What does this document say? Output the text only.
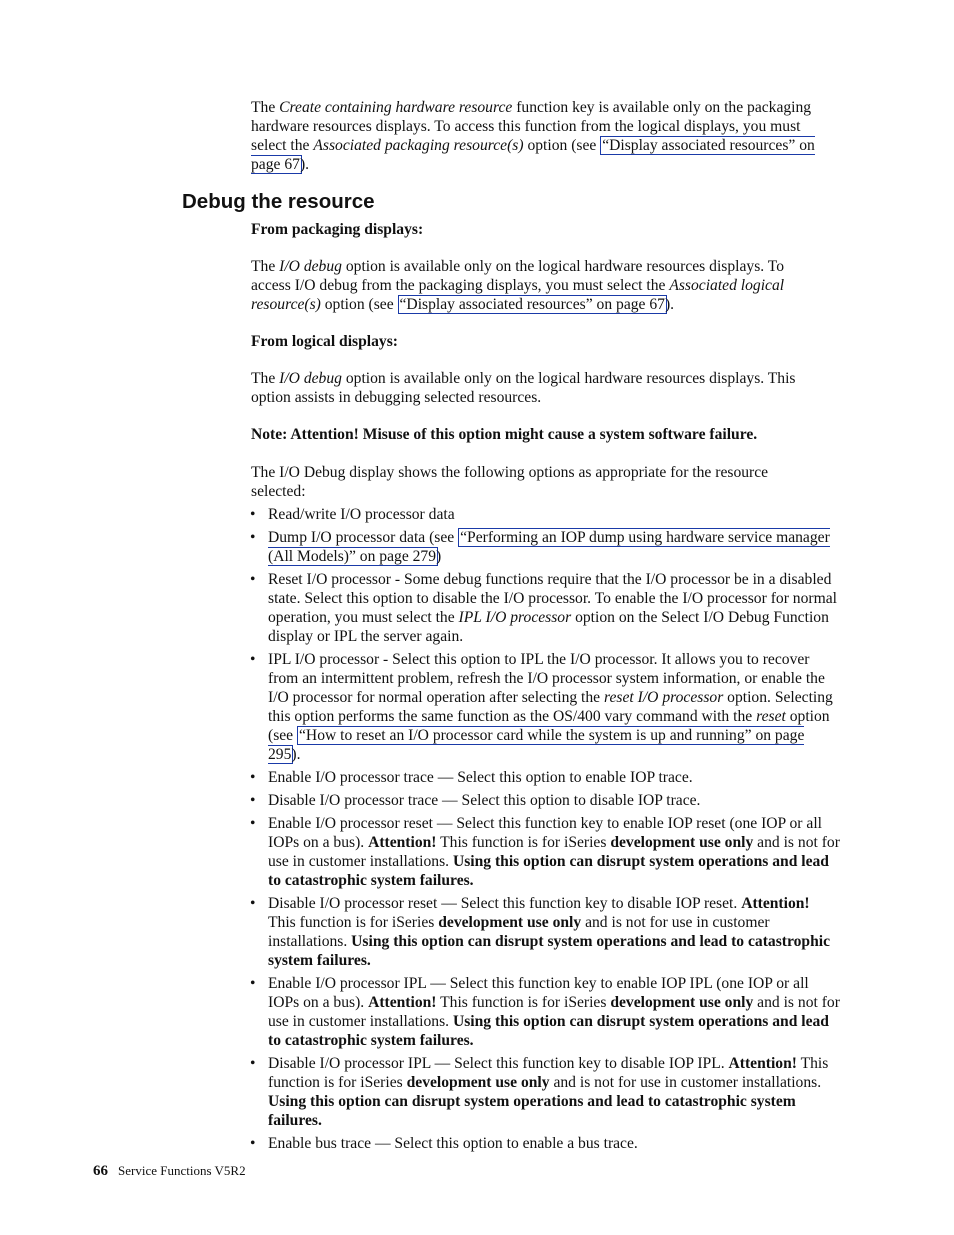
The Create containing hardware resource function key is available only on the packaging hardware resources displays. To access this function from the logical displays, you must select the Associated packaging resource(s) option (see “Display associated resources” on page 67).

Debug the resource
From packaging displays:

The I/O debug option is available only on the logical hardware resources displays. To access I/O debug from the packaging displays, you must select the Associated logical resource(s) option (see “Display associated resources” on page 67).

From logical displays:

The I/O debug option is available only on the logical hardware resources displays. This option assists in debugging selected resources.

Note: Attention! Misuse of this option might cause a system software failure.

The I/O Debug display shows the following options as appropriate for the resource selected:

• Read/write I/O processor data
• Dump I/O processor data (see “Performing an IOP dump using hardware service manager (All Models)” on page 279)
• Reset I/O processor - Some debug functions require that the I/O processor be in a disabled state. Select this option to disable the I/O processor. To enable the I/O processor for normal operation, you must select the IPL I/O processor option on the Select I/O Debug Function display or IPL the server again.
• IPL I/O processor - Select this option to IPL the I/O processor. It allows you to recover from an intermittent problem, refresh the I/O processor system information, or enable the I/O processor for normal operation after selecting the reset I/O processor option. Selecting this option performs the same function as the OS/400 vary command with the reset option (see “How to reset an I/O processor card while the system is up and running” on page 295).
• Enable I/O processor trace — Select this option to enable IOP trace.
• Disable I/O processor trace — Select this option to disable IOP trace.
• Enable I/O processor reset — Select this function key to enable IOP reset (one IOP or all IOPs on a bus). Attention! This function is for iSeries development use only and is not for use in customer installations. Using this option can disrupt system operations and lead to catastrophic system failures.
• Disable I/O processor reset — Select this function key to disable IOP reset. Attention! This function is for iSeries development use only and is not for use in customer installations. Using this option can disrupt system operations and lead to catastrophic system failures.
• Enable I/O processor IPL — Select this function key to enable IOP IPL (one IOP or all IOPs on a bus). Attention! This function is for iSeries development use only and is not for use in customer installations. Using this option can disrupt system operations and lead to catastrophic system failures.
• Disable I/O processor IPL — Select this function key to disable IOP IPL. Attention! This function is for iSeries development use only and is not for use in customer installations. Using this option can disrupt system operations and lead to catastrophic system failures.
• Enable bus trace — Select this option to enable a bus trace.
66 Service Functions V5R2
